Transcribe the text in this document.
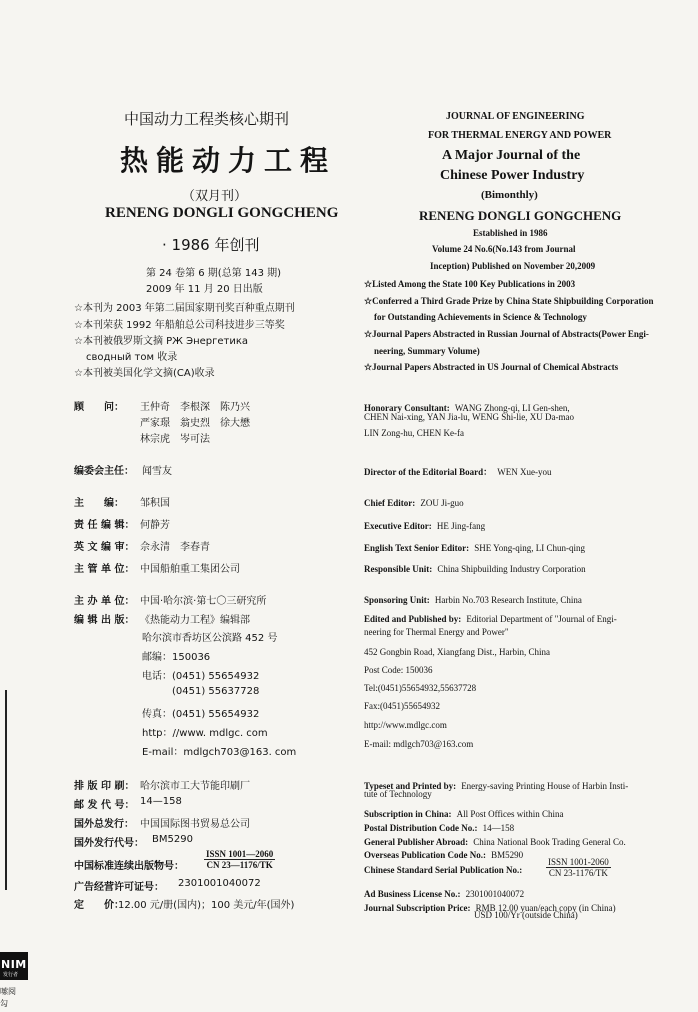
中国动力工程类核心期刊
热能动力工程
（双月刊）
RENENG DONGLI GONGCHENG
· 1986 年创刊
第 24 卷第 6 期(总第 143 期)
2009 年 11 月 20 日出版
☆本刊为 2003 年第二届国家期刊奖百种重点期刊
☆本刊荣获 1992 年船舶总公司科技进步三等奖
☆本刊被俄罗斯文摘 РЖ Энергетика
сводный том 收录
☆本刊被美国化学文摘(CA)收录
顾　　问： 王仲奇　李根深　陈乃兴
严家璟　翁史烈　徐大懋
林宗虎　岑可法
编委会主任： 闻雪友
主　　编： 邹积国
责 任 编 辑： 何静芳
英 文 编 审： 佘永清　李春青
主 管 单 位： 中国船舶重工集团公司
主 办 单 位： 中国·哈尔滨·第七〇三研究所
编 辑 出 版： 《热能动力工程》编辑部
哈尔滨市香坊区公滨路 452 号
邮编：150036
电话：(0451) 55654932
(0451) 55637728
传真：(0451) 55654932
http：//www. mdlgc. com
E-mail：mdlgch703@163. com
排 版 印 刷： 哈尔滨市工大节能印刷厂
邮 发 代 号： 14—158
国外总发行： 中国国际图书贸易总公司
国外发行代号： BM5290
中国标准连续出版物号：
ISSN 1001—2060
CN 23—1176/TK
广告经营许可证号： 2301001040072
定　　价：
12.00 元/册(国内)；100 美元/年(国外)
NIM
发行者
嗦阅
勾
JOURNAL OF ENGINEERING
FOR THERMAL ENERGY AND POWER
A Major Journal of the
Chinese Power Industry
(Bimonthly)
RENENG DONGLI GONGCHENG
Established in 1986
Volume 24 No.6(No.143 from Journal
Inception) Published on November 20,2009
☆Listed Among the State 100 Key Publications in 2003
☆Conferred a Third Grade Prize by China State Shipbuilding Corporation
for Outstanding Achievements in Science & Technology
☆Journal Papers Abstracted in Russian Journal of Abstracts(Power Engi-
neering, Summary Volume)
☆Journal Papers Abstracted in US Journal of Chemical Abstracts
Honorary Consultant: WANG Zhong-qi, LI Gen-shen,
CHEN Nai-xing, YAN Jia-lu, WENG Shi-lie, XU Da-mao
LIN Zong-hu, CHEN Ke-fa
Director of the Editorial Board： WEN Xue-you
Chief Editor: ZOU Ji-guo
Executive Editor: HE Jing-fang
English Text Senior Editor: SHE Yong-qing, LI Chun-qing
Responsible Unit: China Shipbuilding Industry Corporation
Sponsoring Unit: Harbin No.703 Research Institute, China
Edited and Published by: Editorial Department of "Journal of Engi-
neering for Thermal Energy and Power"
452 Gongbin Road, Xiangfang Dist., Harbin, China
Post Code: 150036
Tel:(0451)55654932,55637728
Fax:(0451)55654932
http://www.mdlgc.com
E-mail: mdlgch703@163.com
Typeset and Printed by: Energy-saving Printing House of Harbin Insti-
tute of Technology
Subscription in China: All Post Offices within China
Postal Distribution Code No.: 14—158
General Publisher Abroad: China National Book Trading General Co.
Overseas Publication Code No.: BM5290
Chinese Standard Serial Publication No.:
ISSN 1001-2060
CN 23-1176/TK
Ad Business License No.: 2301001040072
Journal Subscription Price: RMB 12.00 yuan/each copy (in China)
USD 100/Yr (outside China)
